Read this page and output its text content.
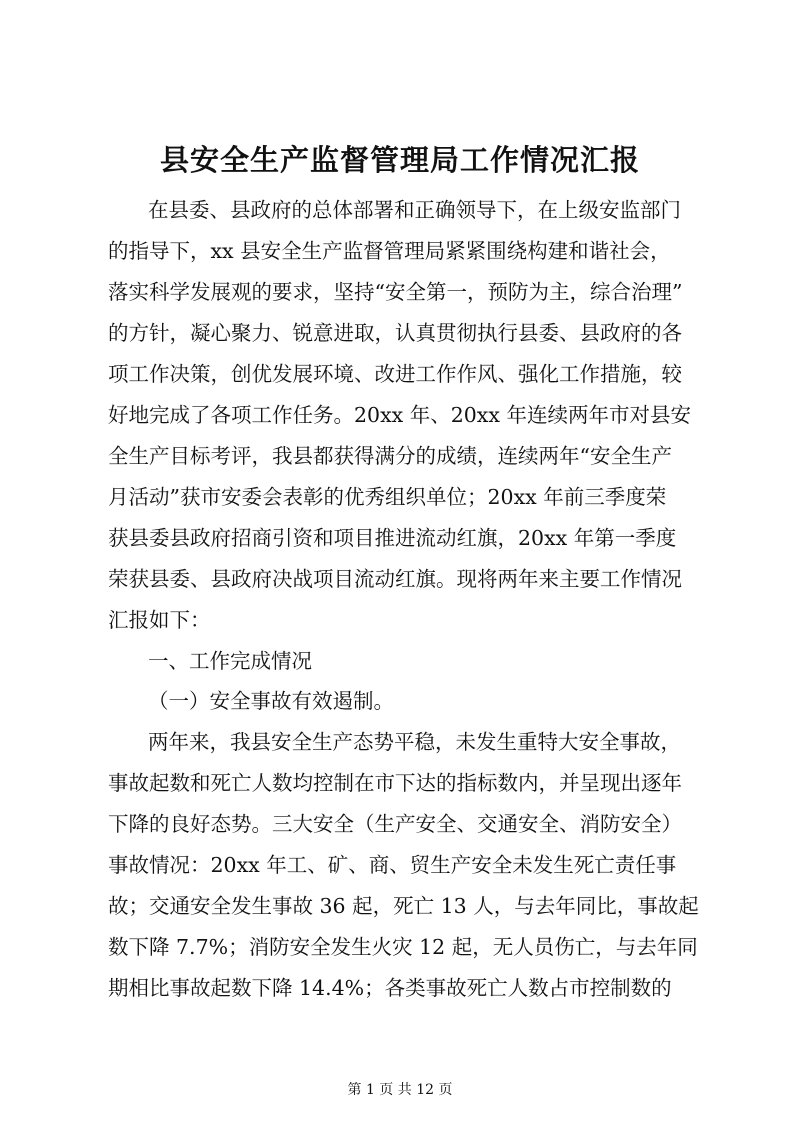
县安全生产监督管理局工作情况汇报

在县委、县政府的总体部署和正确领导下，在上级安监部门

的指导下，xx 县安全生产监督管理局紧紧围绕构建和谐社会，

落实科学发展观的要求，坚持“安全第一，预防为主，综合治理”

的方针，凝心聚力、锐意进取，认真贯彻执行县委、县政府的各

项工作决策，创优发展环境、改进工作作风、强化工作措施，较

好地完成了各项工作任务。20xx 年、20xx 年连续两年市对县安

全生产目标考评，我县都获得满分的成绩，连续两年“安全生产

月活动”获市安委会表彰的优秀组织单位；20xx 年前三季度荣

获县委县政府招商引资和项目推进流动红旗，20xx 年第一季度

荣获县委、县政府决战项目流动红旗。现将两年来主要工作情况

汇报如下：

一、工作完成情况

（一）安全事故有效遏制。

两年来，我县安全生产态势平稳，未发生重特大安全事故，

事故起数和死亡人数均控制在市下达的指标数内，并呈现出逐年

下降的良好态势。三大安全（生产安全、交通安全、消防安全）

事故情况：20xx 年工、矿、商、贸生产安全未发生死亡责任事

故；交通安全发生事故 36 起，死亡 13 人，与去年同比，事故起

数下降 7.7%；消防安全发生火灾 12 起，无人员伤亡，与去年同

期相比事故起数下降 14.4%；各类事故死亡人数占市控制数的

第 1 页 共 12 页
